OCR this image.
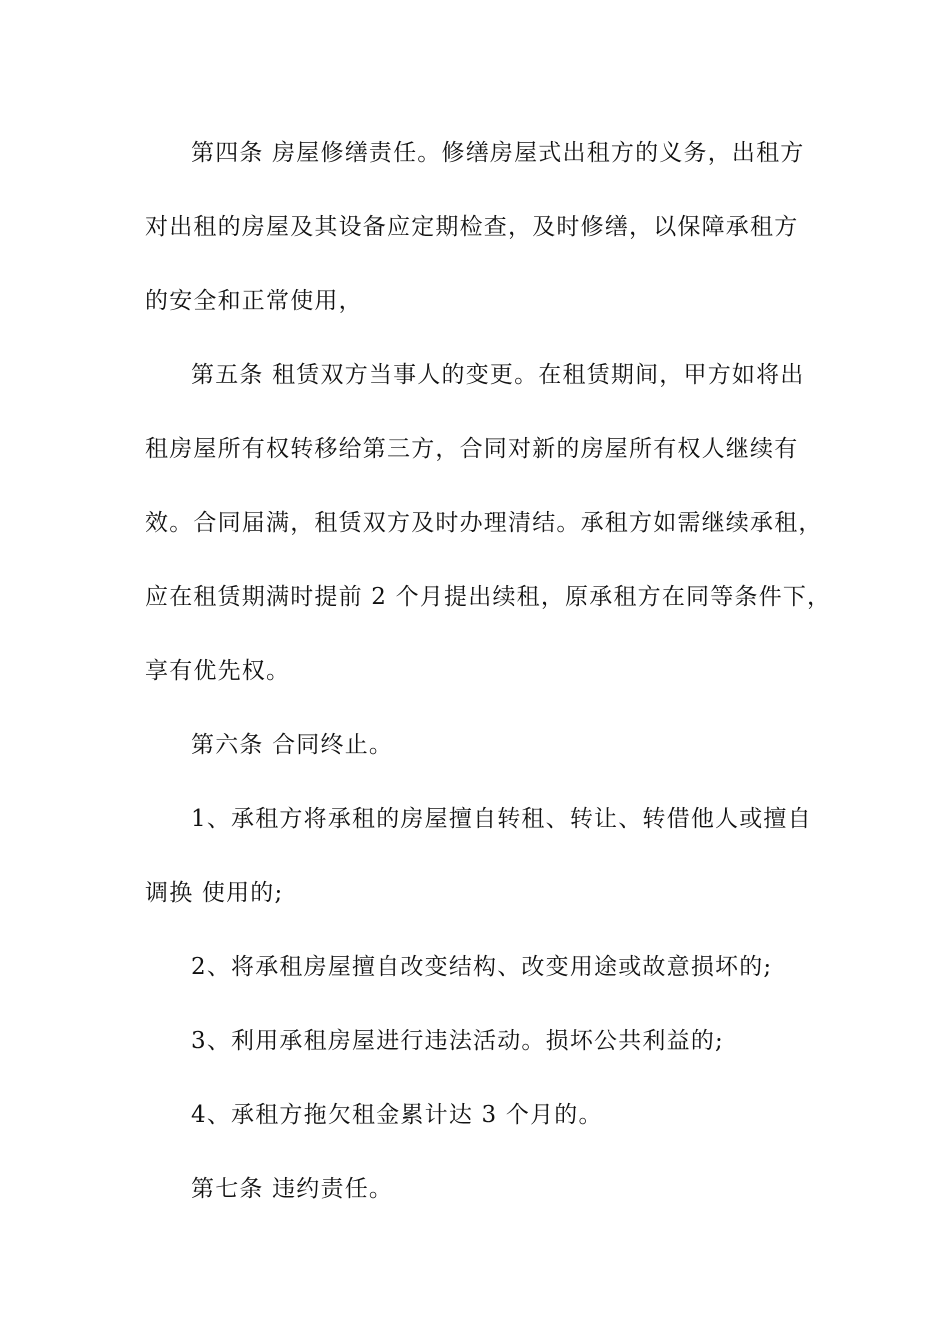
第四条 房屋修缮责任。修缮房屋式出租方的义务，出租方
对出租的房屋及其设备应定期检查，及时修缮，以保障承租方
的安全和正常使用，
第五条 租赁双方当事人的变更。在租赁期间，甲方如将出
租房屋所有权转移给第三方，合同对新的房屋所有权人继续有
效。合同届满，租赁双方及时办理清结。承租方如需继续承租，
应在租赁期满时提前 2 个月提出续租，原承租方在同等条件下，
享有优先权。
第六条 合同终止。
1、承租方将承租的房屋擅自转租、转让、转借他人或擅自
调换 使用的;
2、将承租房屋擅自改变结构、改变用途或故意损坏的;
3、利用承租房屋进行违法活动。损坏公共利益的;
4、承租方拖欠租金累计达 3 个月的。
第七条 违约责任。
